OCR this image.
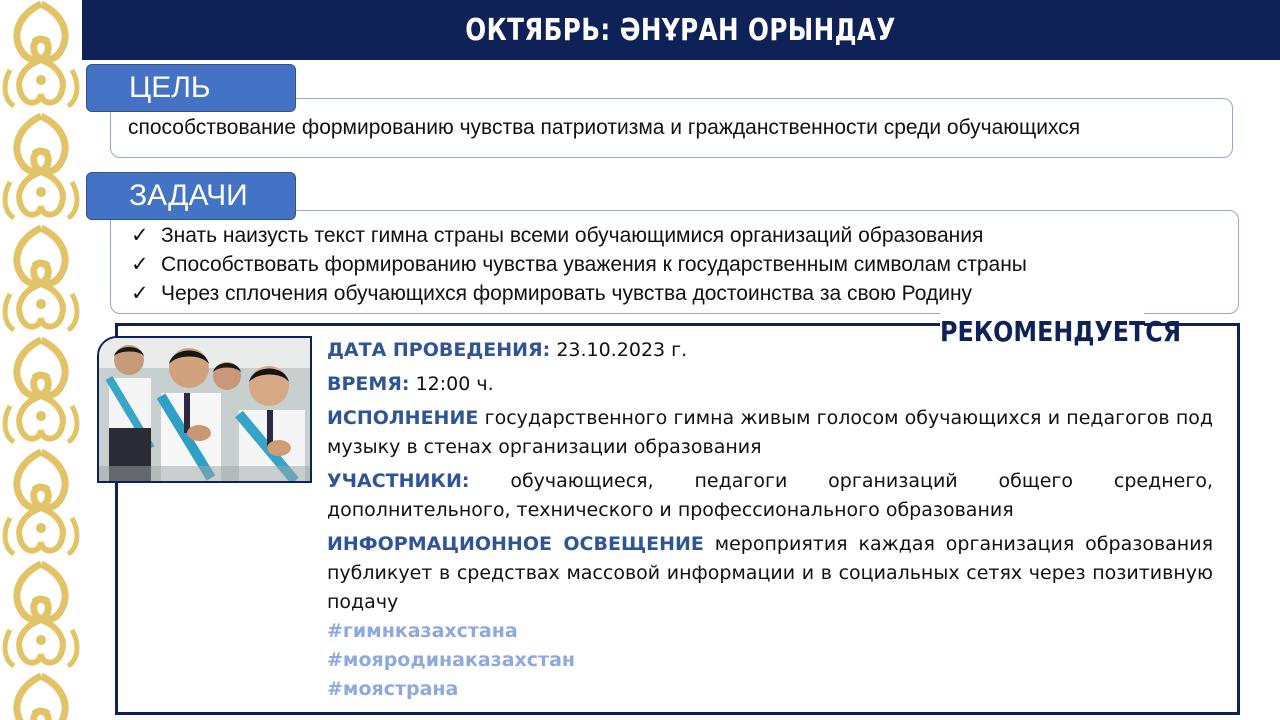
ОКТЯБРЬ: ӘНҰРАН ОРЫНДАУ
способствование формированию чувства патриотизма и гражданственности среди обучающихся
ЦЕЛЬ
✓ Знать наизусть текст гимна страны всеми обучающимися организаций образования
✓ Способствовать формированию чувства уважения к государственным символам страны
✓ Через сплочения обучающихся формировать чувства достоинства за свою Родину
ЗАДАЧИ
РЕКОМЕНДУЕТСЯ

ДАТА ПРОВЕДЕНИЯ: 23.10.2023 г.

ВРЕМЯ: 12:00 ч.

ИСПОЛНЕНИЕ государственного гимна живым голосом обучающихся и педагогов под музыку в стенах организации образования

УЧАСТНИКИ: обучающиеся, педагоги организаций общего среднего, дополнительного, технического и профессионального образования

ИНФОРМАЦИОННОЕ ОСВЕЩЕНИЕ мероприятия каждая организация образования публикует в средствах массовой информации и в социальных сетях через позитивную подачу

#гимнказахстана

#мояродинаказахстан

#моястрана
